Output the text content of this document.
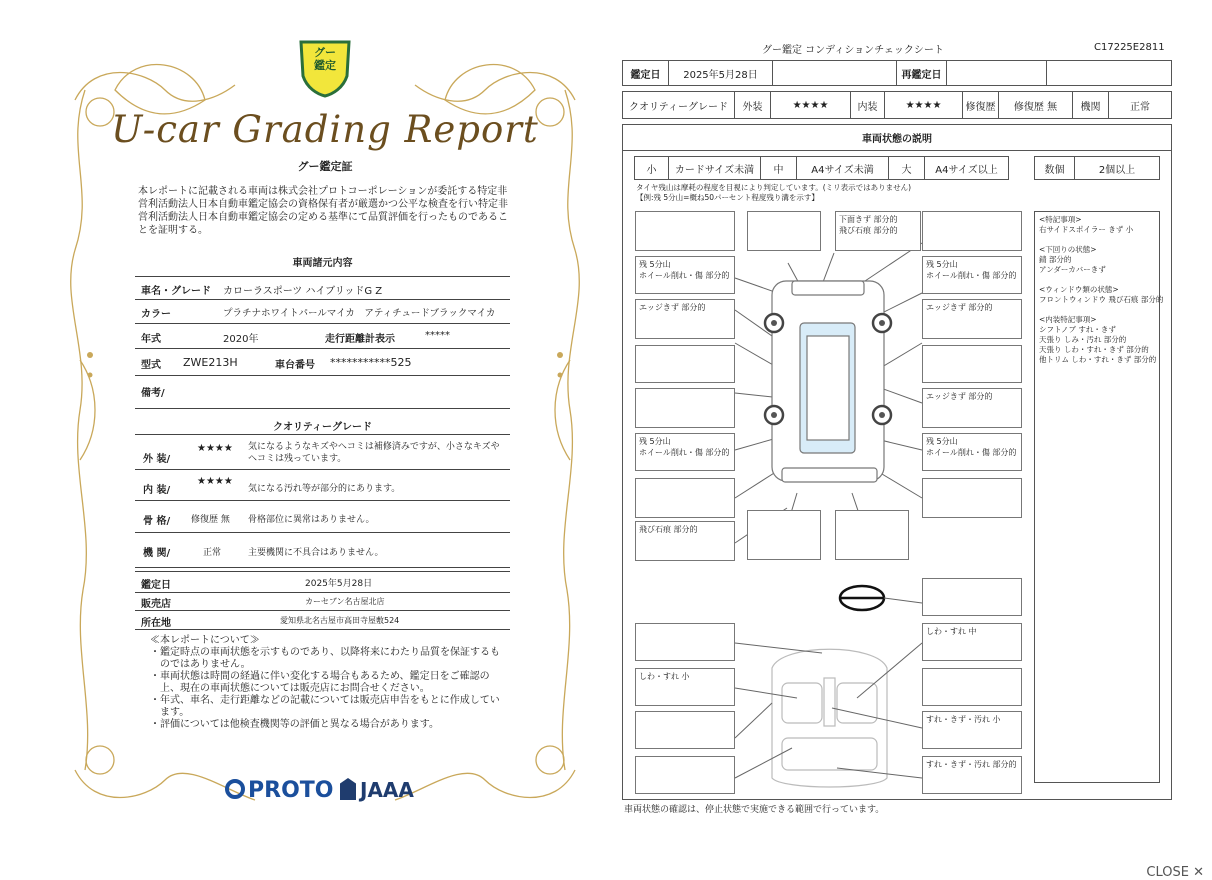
グー
鑑定
U-car Grading Report
グー鑑定証
本レポートに記載される車両は株式会社プロトコーポレーションが委託する特定非営利活動法人日本自動車鑑定協会の資格保有者が厳選かつ公平な検査を行い特定非営利活動法人日本自動車鑑定協会の定める基準にて品質評価を行ったものであることを証明する。
車両諸元内容
車名・グレード カローラスポーツ ハイブリッドG Z
カラー	プラチナホワイトパールマイカ　アティチュードブラックマイカ
年式	2020年	走行距離計表示	*****
型式 ZWE213H	車台番号 ***********525
備考/
クオリティーグレード
外 装/
★★★★ 気になるようなキズやヘコミは補修済みですが、小さなキズや
ヘコミは残っています。
内 装/
★★★★
気になる汚れ等が部分的にあります。
骨 格/ 修復歴 無 骨格部位に異常はありません。
機 関/	正常	主要機関に不具合はありません。
鑑定日	2025年5月28日
販売店	カーセブン名古屋北店
所在地	愛知県北名古屋市高田寺屋敷524
≪本レポートについて≫
・鑑定時点の車両状態を示すものであり、以降将来にわたり品質を保証するものではありません。
・車両状態は時間の経過に伴い変化する場合もあるため、鑑定日をご確認の上、現在の車両状態については販売店にお問合せください。
・年式、車名、走行距離などの記載については販売店申告をもとに作成しています。
・評価については他検査機関等の評価と異なる場合があります。
PROTO	JAAA
グー鑑定 コンディションチェックシート	C17225E2811
鑑定日	2025年5月28日	再鑑定日
クオリティーグレード	外装	★★★★	内装	★★★★	修復歴	修復歴 無	機関	正常
車両状態の説明
小	カードサイズ未満	中	A4サイズ未満	大	A4サイズ以上	数個	2個以上
タイヤ残山は摩耗の程度を目視により判定しています。(ミリ表示ではありません)
【例:残 5分山=概ね50パーセント程度残り溝を示す】
<特記事項>
右サイドスポイラー きず 小

<下回りの状態>
錆 部分的
アンダーカバーきず

<ウィンドウ類の状態>
フロントウィンドウ 飛び石痕 部分的

<内装特記事項>
シフトノブ すれ・きず
天張り しみ・汚れ 部分的
天張り しわ・すれ・きず 部分的
他トリム しわ・すれ・きず 部分的
下面きず 部分的
飛び石痕 部分的
残 5分山
ホイール削れ・傷 部分的
残 5分山
ホイール削れ・傷 部分的
エッジきず 部分的	エッジきず 部分的
エッジきず 部分的
残 5分山
ホイール削れ・傷 部分的
残 5分山
ホイール削れ・傷 部分的
飛び石痕 部分的
しわ・すれ 中
しわ・すれ 小
すれ・きず・汚れ 小
すれ・きず・汚れ 部分的
車両状態の確認は、停止状態で実施できる範囲で行っています。
CLOSE ✕
